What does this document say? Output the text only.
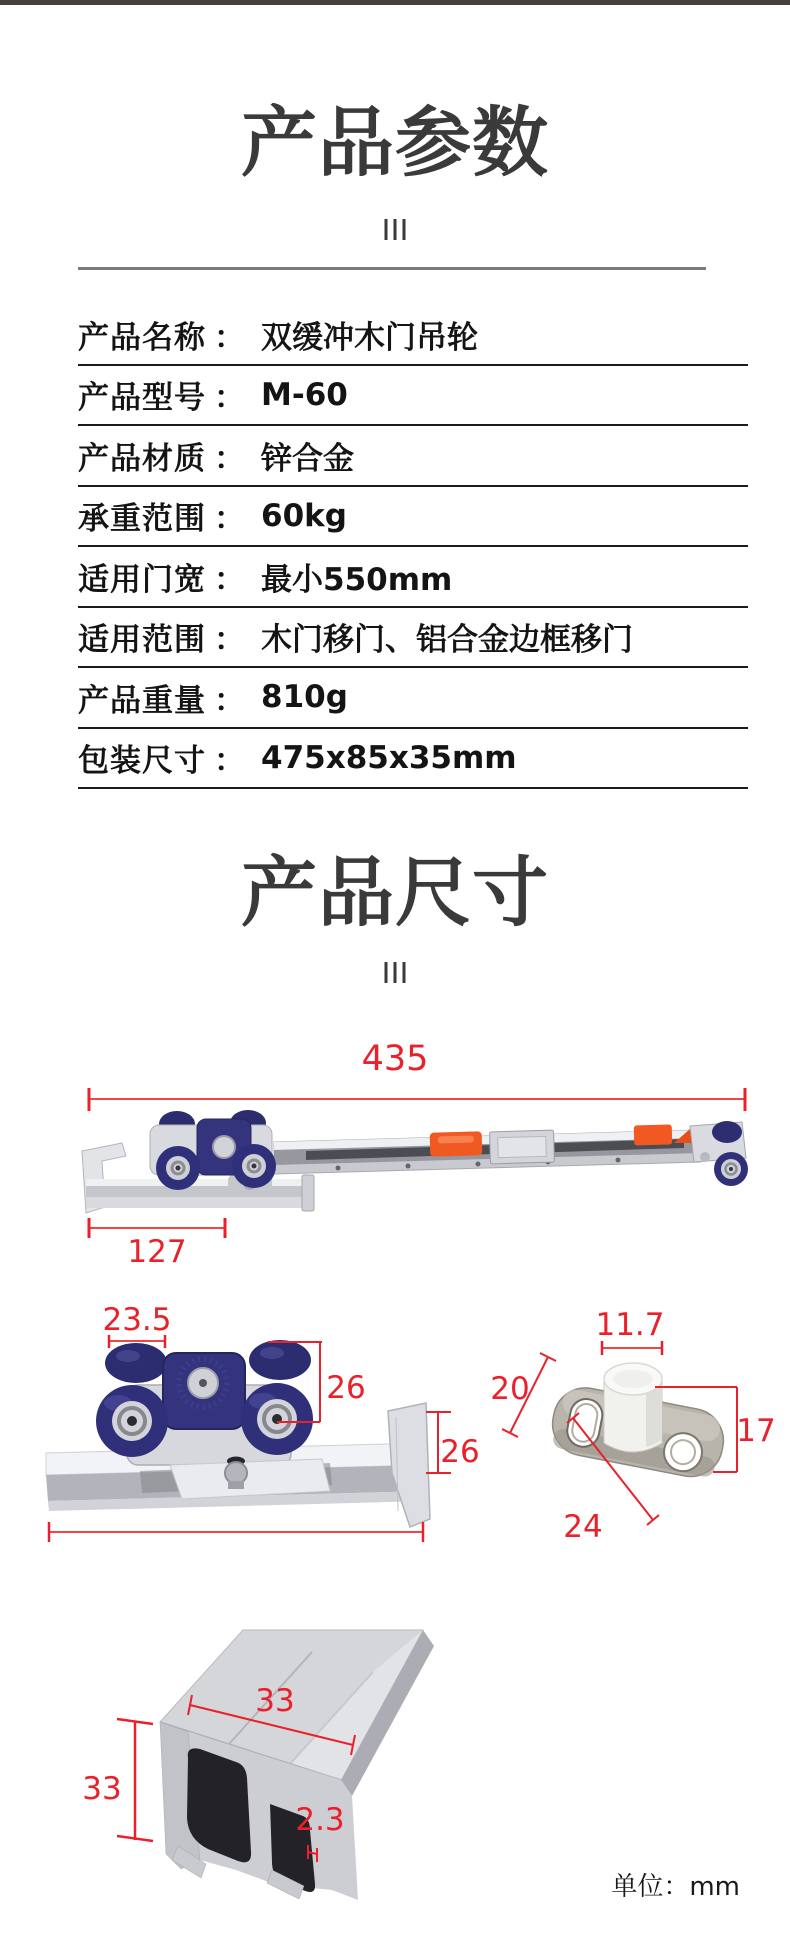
产品参数
产品名称 ： 双缓冲木门吊轮
产品型号 ： M-60
产品材质 ： 锌合金
承重范围 ： 60kg
适用门宽 ： 最小550mm
适用范围 ： 木门移门、铝合金边框移门
产品重量 ： 810g
包装尺寸 ： 475x85x35mm
产品尺寸
435
127
23.5
26
26
11.7
20
17
24
33
33
2.3
单位：mm
